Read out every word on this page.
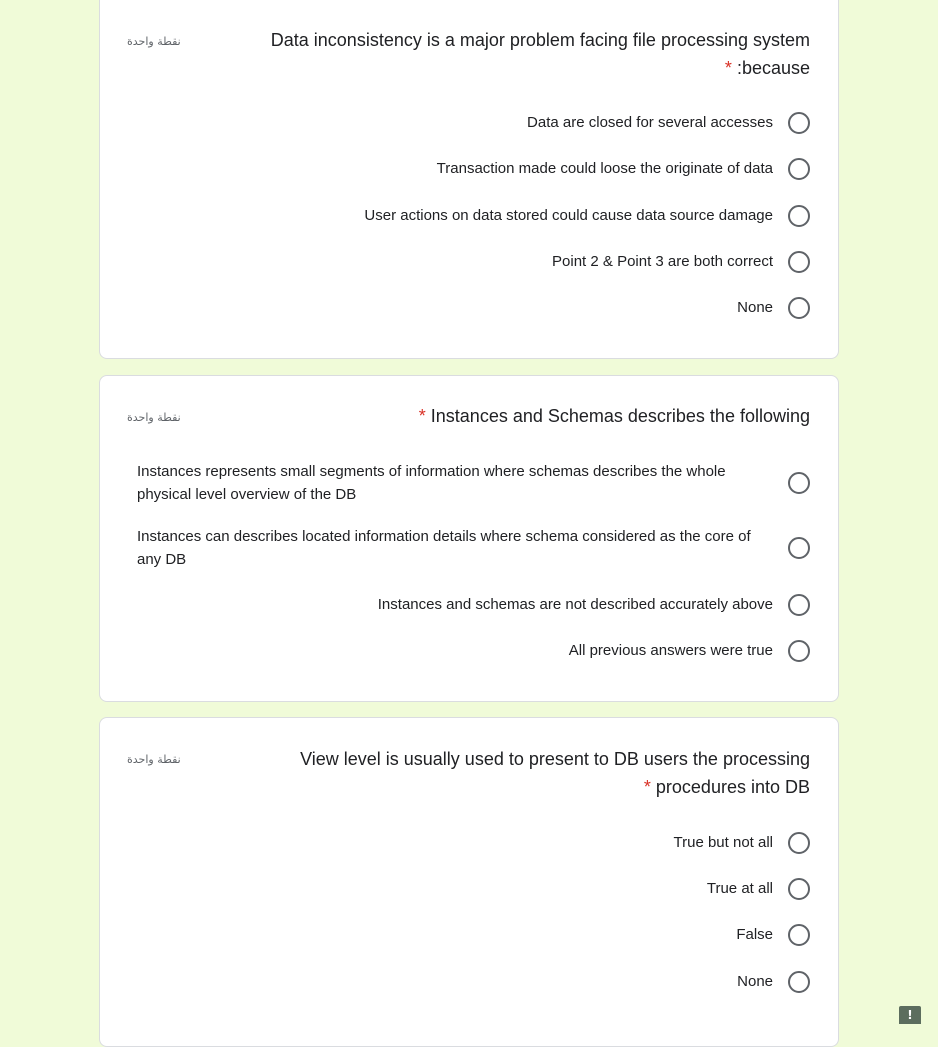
نقطة واحدة	Data inconsistency is a major problem facing file processing system
* :because
Data are closed for several accesses
Transaction made could loose the originate of data
User actions on data stored could cause data source damage
Point 2 & Point 3 are both correct
None
نقطة واحدة	* Instances and Schemas describes the following
Instances represents small segments of information where schemas describes the whole physical level overview of the DB
Instances can describes located information details where schema considered as the core of any DB
Instances and schemas are not described accurately above
All previous answers were true
نقطة واحدة	View level is usually used to present to DB users the processing
* procedures into DB
True but not all
True at all
False
None
!
